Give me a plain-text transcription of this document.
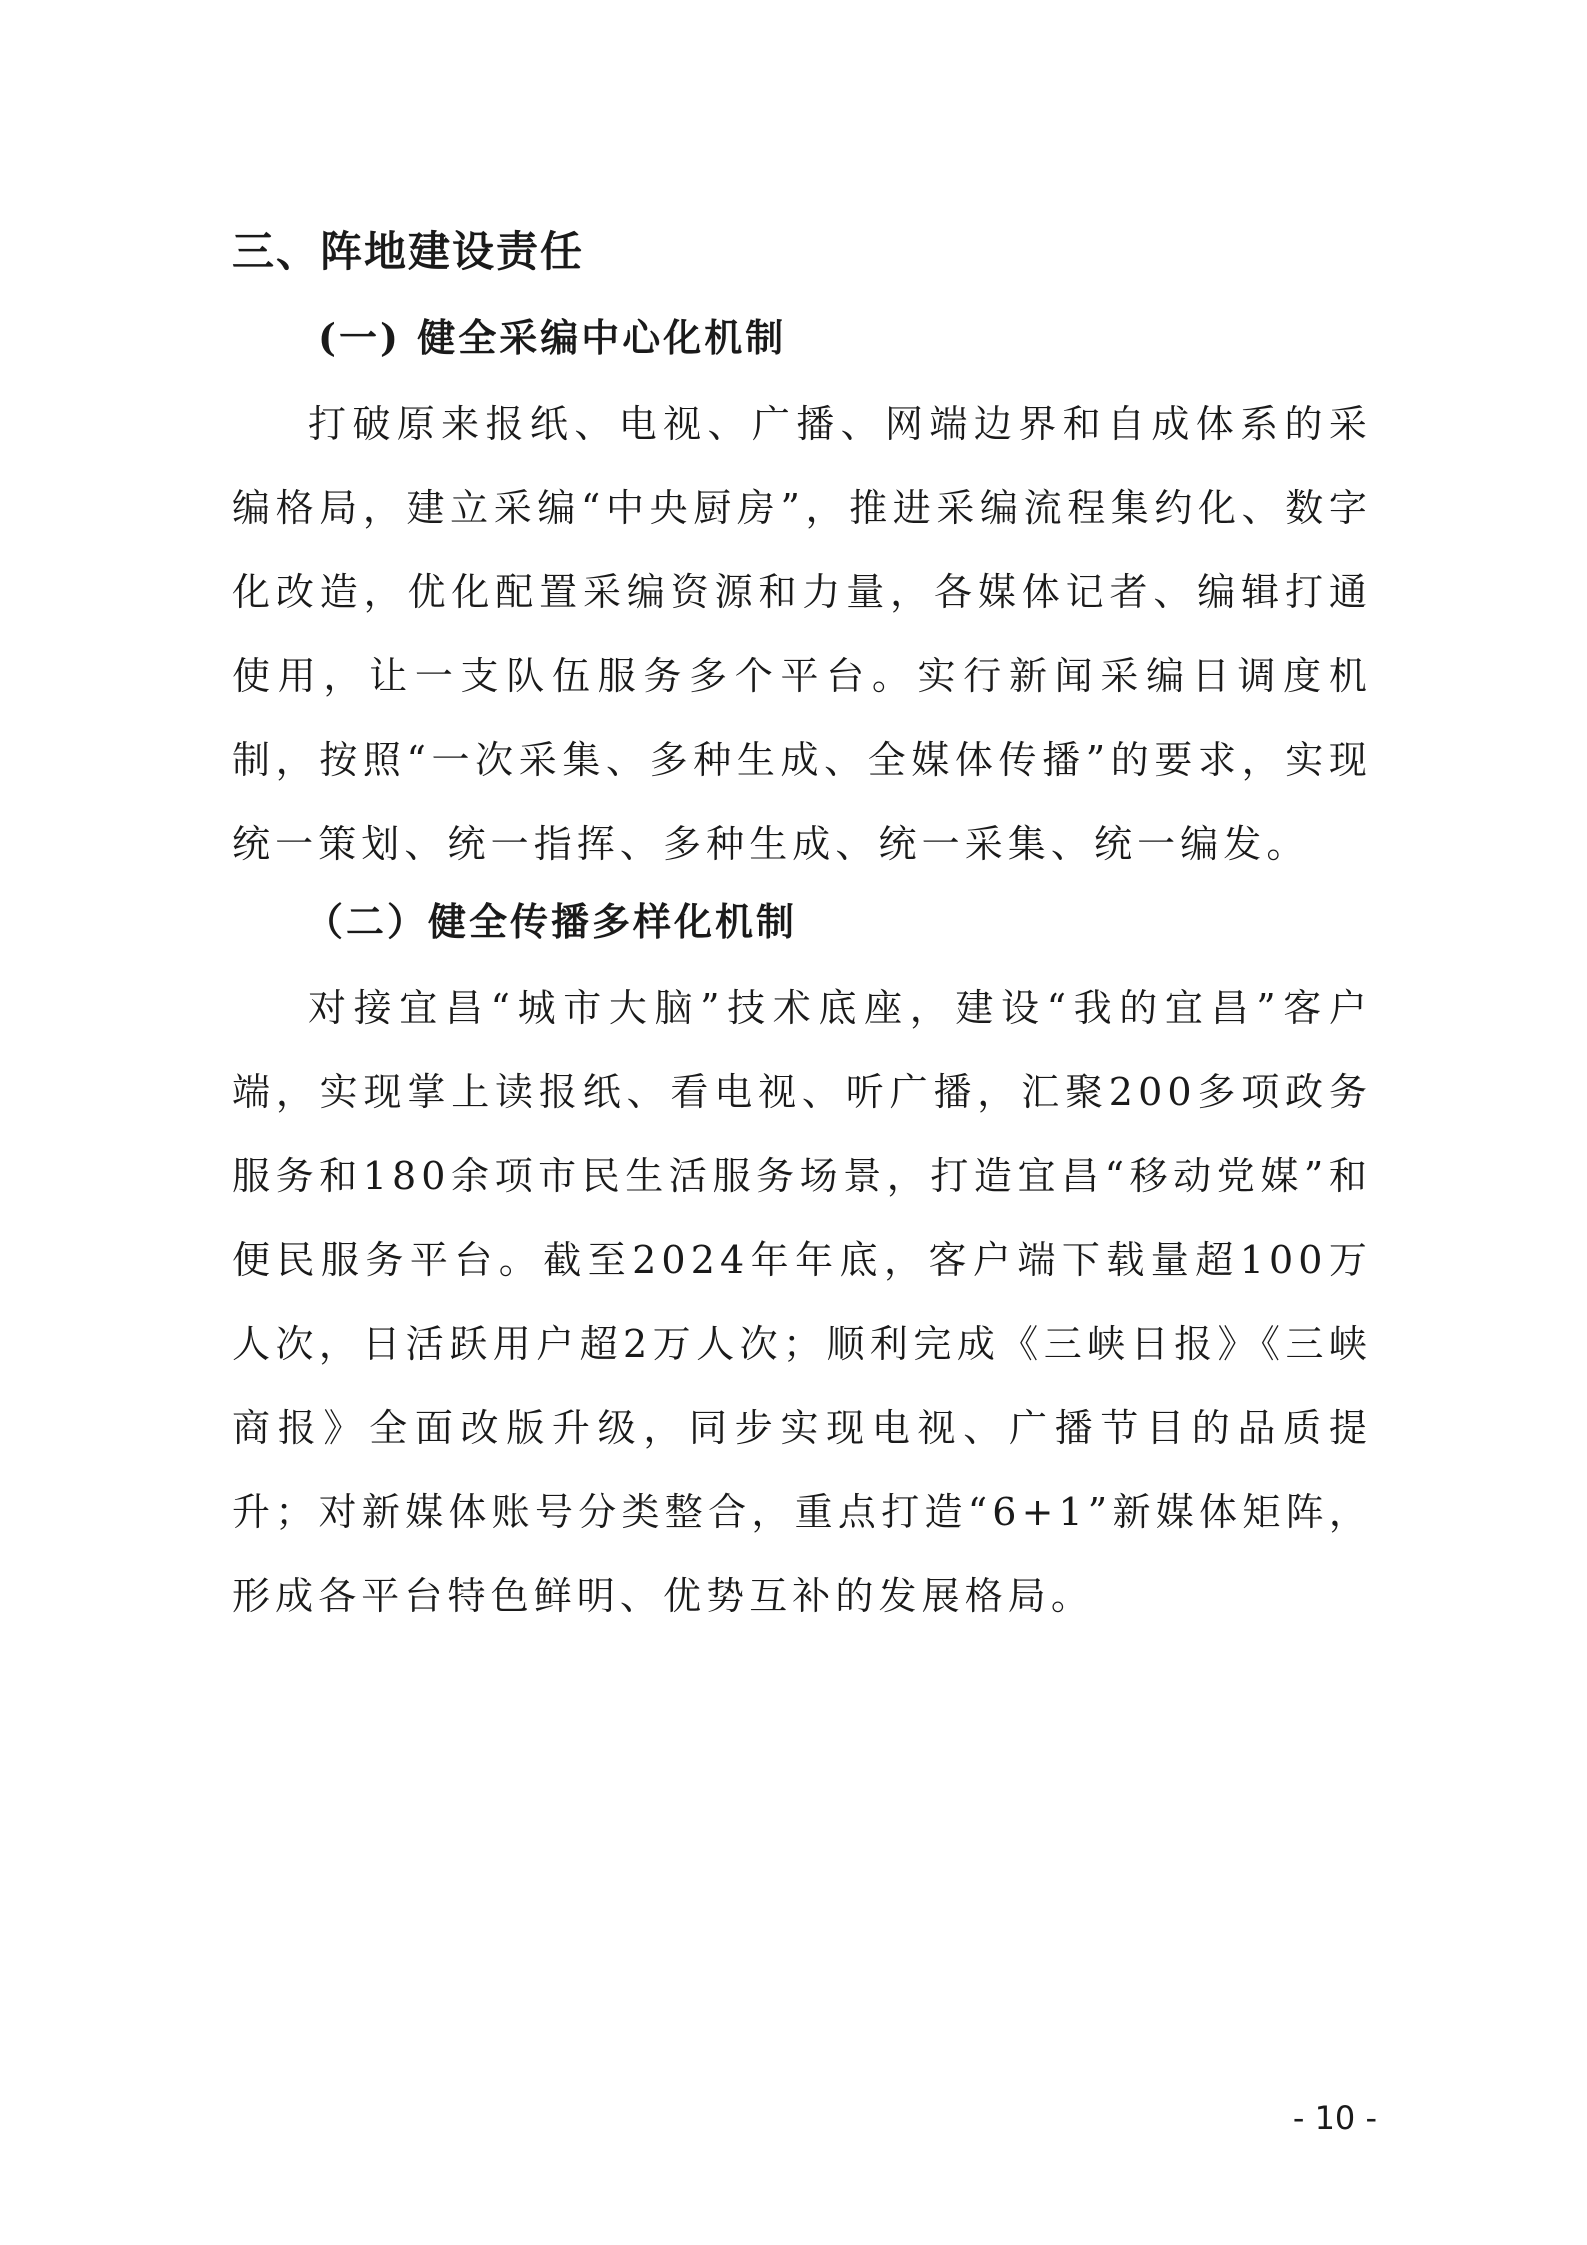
三、阵地建设责任
(一) 健全采编中心化机制

打破原来报纸、电视、广播、网端边界和自成体系的采编格局，建立采编“中央厨房”，推进采编流程集约化、数字化改造，优化配置采编资源和力量，各媒体记者、编辑打通使用，让一支队伍服务多个平台。实行新闻采编日调度机制，按照“一次采集、多种生成、全媒体传播”的要求，实现统一策划、统一指挥、多种生成、统一采集、统一编发。

（二）健全传播多样化机制

对接宜昌“城市大脑”技术底座，建设“我的宜昌”客户端，实现掌上读报纸、看电视、听广播，汇聚200多项政务服务和180余项市民生活服务场景，打造宜昌“移动党媒”和便民服务平台。截至2024年年底，客户端下载量超100万人次，日活跃用户超2万人次；顺利完成《三峡日报》《三峡商报》全面改版升级，同步实现电视、广播节目的品质提升；对新媒体账号分类整合，重点打造“6+1”新媒体矩阵，形成各平台特色鲜明、优势互补的发展格局。

- 10 -
